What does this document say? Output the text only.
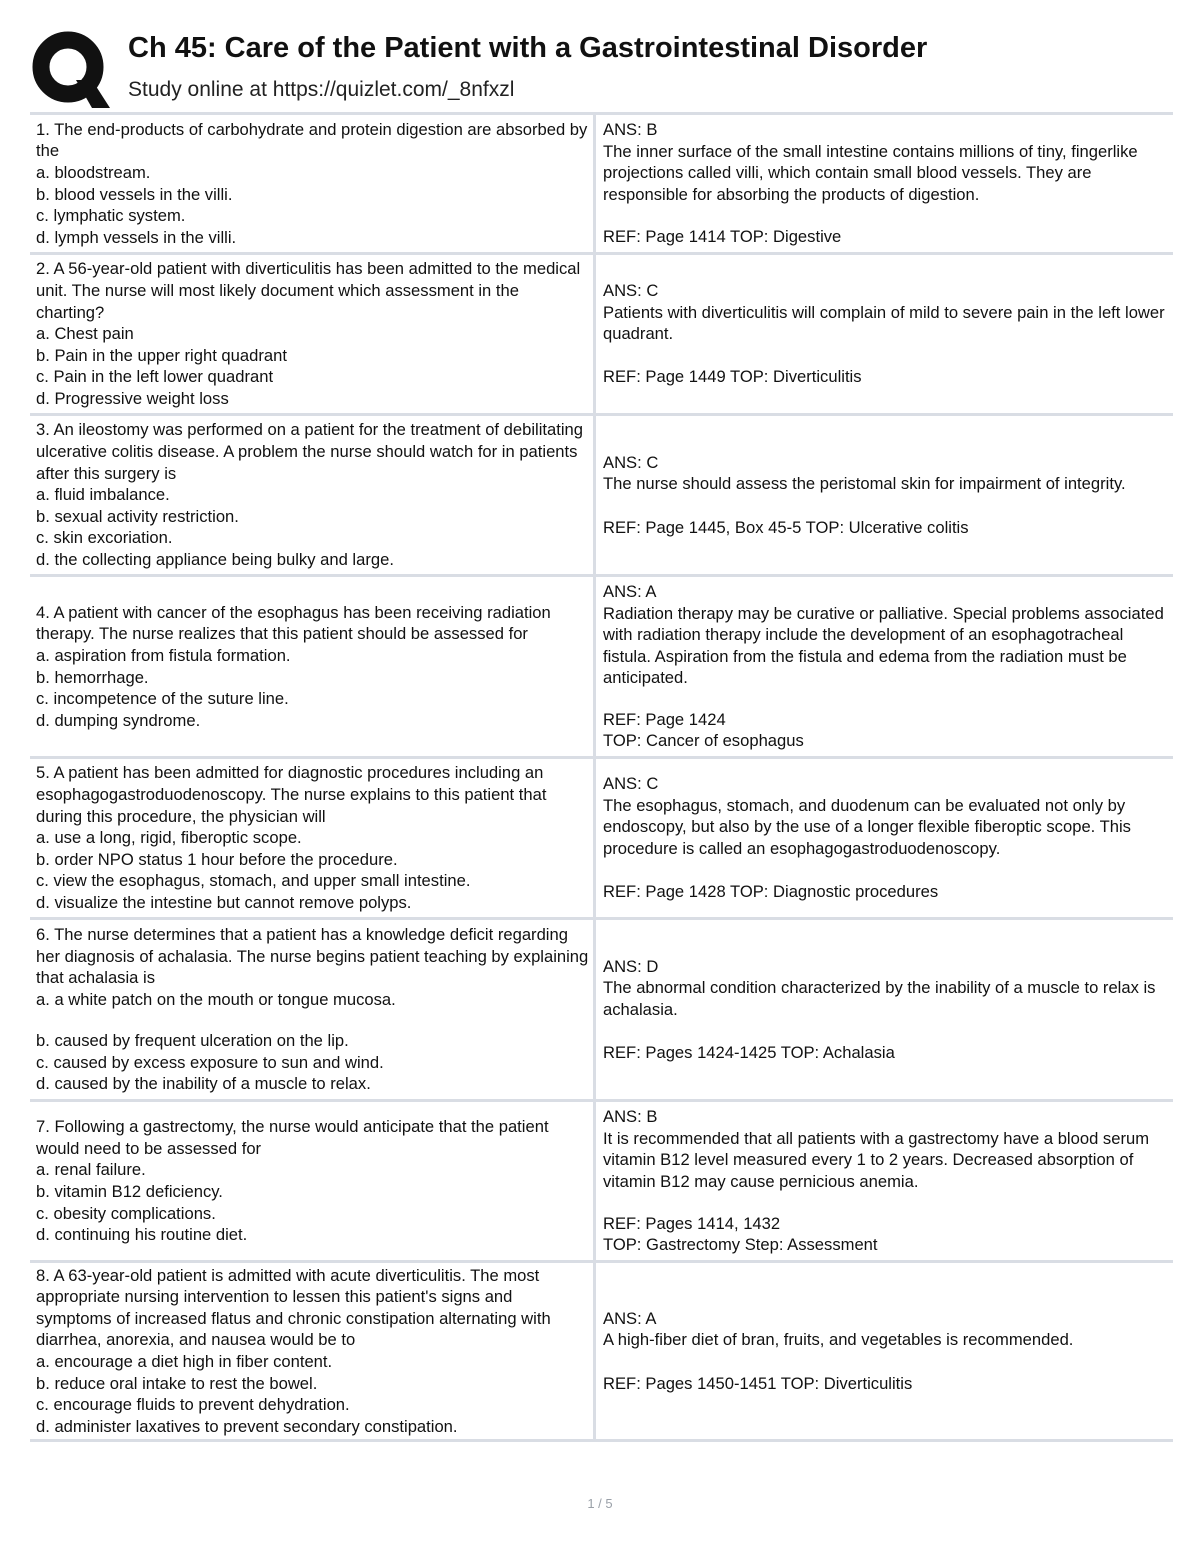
Ch 45: Care of the Patient with a Gastrointestinal Disorder
Study online at https://quizlet.com/_8nfxzl
1. The end-products of carbohydrate and protein digestion are absorbed by the
a. bloodstream.
b. blood vessels in the villi.
c. lymphatic system.
d. lymph vessels in the villi.
ANS: B
The inner surface of the small intestine contains millions of tiny, fingerlike projections called villi, which contain small blood vessels. They are responsible for absorbing the products of digestion.
REF: Page 1414 TOP: Digestive
2. A 56-year-old patient with diverticulitis has been admitted to the medical unit. The nurse will most likely document which assessment in the charting?
a. Chest pain
b. Pain in the upper right quadrant
c. Pain in the left lower quadrant
d. Progressive weight loss
ANS: C
Patients with diverticulitis will complain of mild to severe pain in the left lower quadrant.
REF: Page 1449 TOP: Diverticulitis
3. An ileostomy was performed on a patient for the treatment of debilitating ulcerative colitis disease. A problem the nurse should watch for in patients after this surgery is
a. fluid imbalance.
b. sexual activity restriction.
c. skin excoriation.
d. the collecting appliance being bulky and large.
ANS: C
The nurse should assess the peristomal skin for impairment of integrity.
REF: Page 1445, Box 45-5 TOP: Ulcerative colitis
4. A patient with cancer of the esophagus has been receiving radiation therapy. The nurse realizes that this patient should be assessed for
a. aspiration from fistula formation.
b. hemorrhage.
c. incompetence of the suture line.
d. dumping syndrome.
ANS: A
Radiation therapy may be curative or palliative. Special problems associated with radiation therapy include the development of an esophagotracheal fistula. Aspiration from the fistula and edema from the radiation must be anticipated.
REF: Page 1424
TOP: Cancer of esophagus
5. A patient has been admitted for diagnostic procedures including an esophagogastroduodenoscopy. The nurse explains to this patient that during this procedure, the physician will
a. use a long, rigid, fiberoptic scope.
b. order NPO status 1 hour before the procedure.
c. view the esophagus, stomach, and upper small intestine.
d. visualize the intestine but cannot remove polyps.
ANS: C
The esophagus, stomach, and duodenum can be evaluated not only by endoscopy, but also by the use of a longer flexible fiberoptic scope. This procedure is called an esophagogastroduodenoscopy.
REF: Page 1428 TOP: Diagnostic procedures
6. The nurse determines that a patient has a knowledge deficit regarding her diagnosis of achalasia. The nurse begins patient teaching by explaining that achalasia is
a. a white patch on the mouth or tongue mucosa.
b. caused by frequent ulceration on the lip.
c. caused by excess exposure to sun and wind.
d. caused by the inability of a muscle to relax.
ANS: D
The abnormal condition characterized by the inability of a muscle to relax is achalasia.
REF: Pages 1424-1425 TOP: Achalasia
7. Following a gastrectomy, the nurse would anticipate that the patient would need to be assessed for
a. renal failure.
b. vitamin B12 deficiency.
c. obesity complications.
d. continuing his routine diet.
ANS: B
It is recommended that all patients with a gastrectomy have a blood serum vitamin B12 level measured every 1 to 2 years. Decreased absorption of vitamin B12 may cause pernicious anemia.
REF: Pages 1414, 1432
TOP: Gastrectomy Step: Assessment
8. A 63-year-old patient is admitted with acute diverticulitis. The most appropriate nursing intervention to lessen this patient's signs and symptoms of increased flatus and chronic constipation alternating with diarrhea, anorexia, and nausea would be to
a. encourage a diet high in fiber content.
b. reduce oral intake to rest the bowel.
c. encourage fluids to prevent dehydration.
d. administer laxatives to prevent secondary constipation.
ANS: A
A high-fiber diet of bran, fruits, and vegetables is recommended.
REF: Pages 1450-1451 TOP: Diverticulitis
1 / 5
